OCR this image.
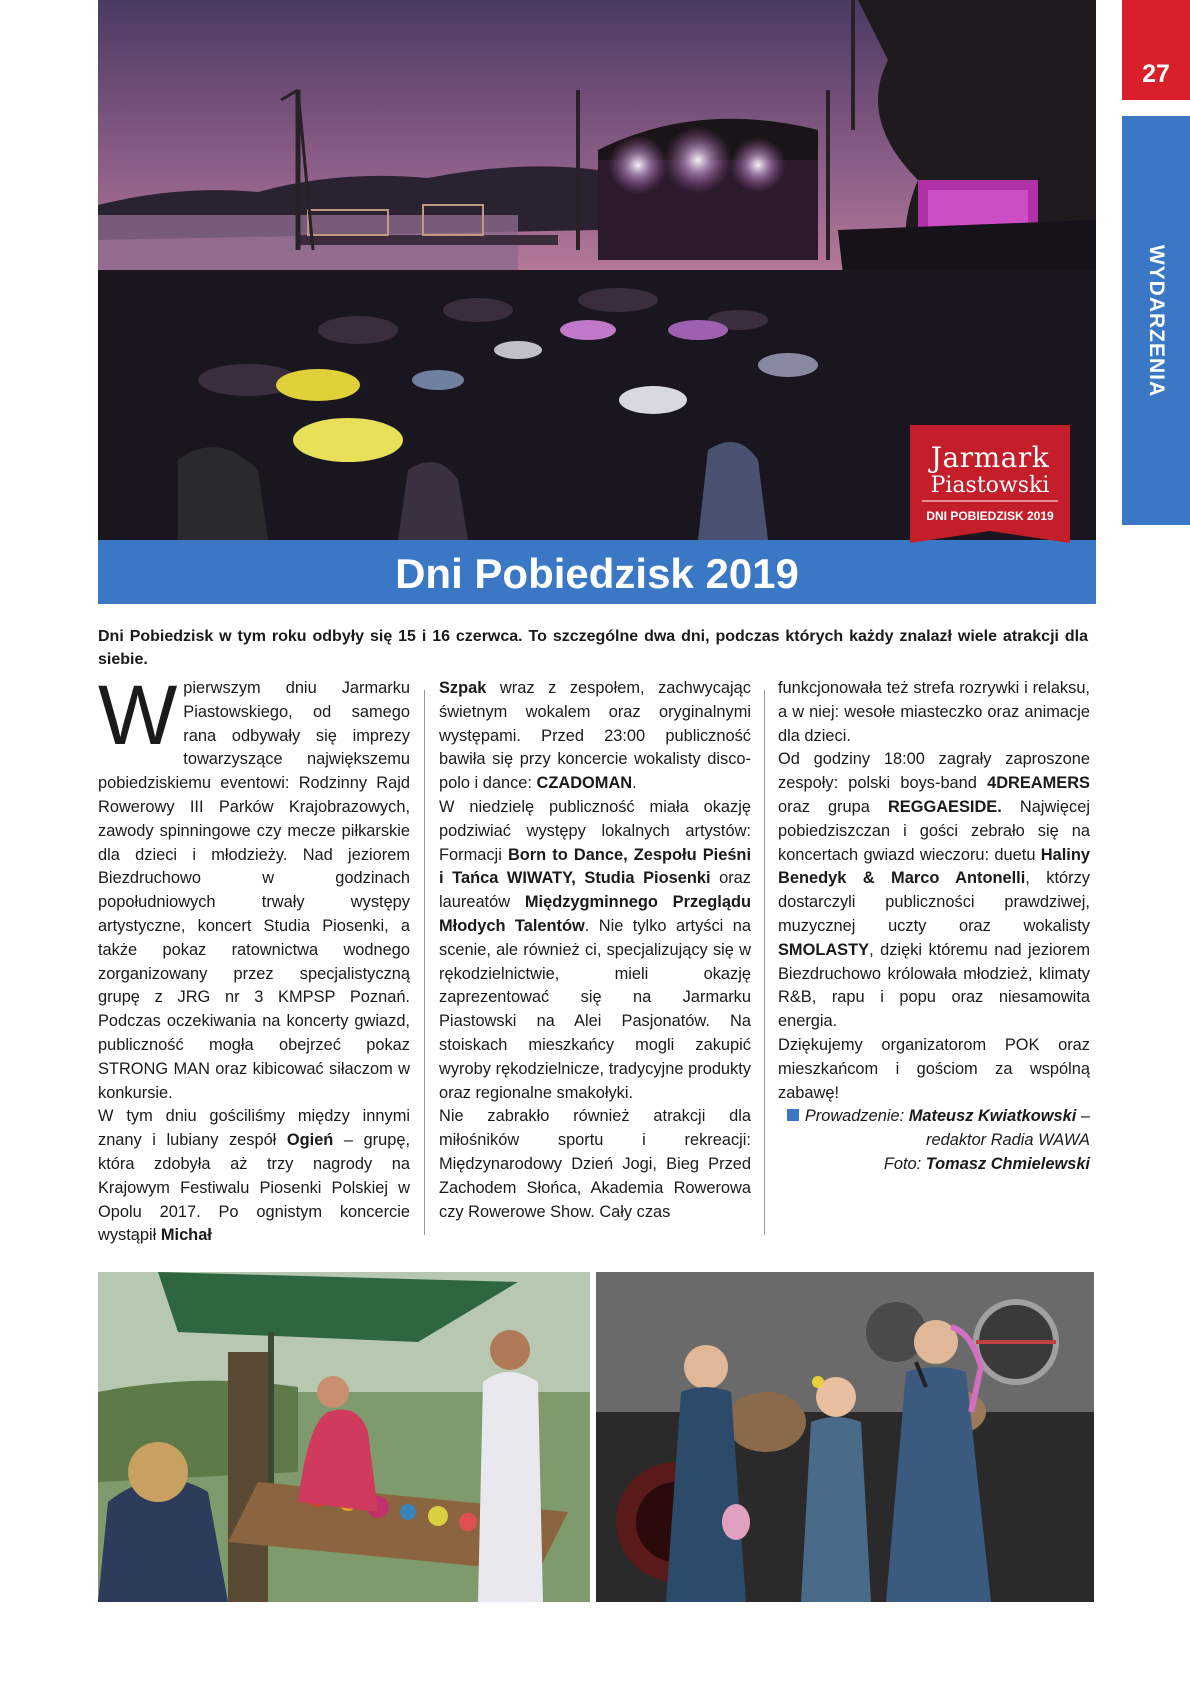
27
WYDARZENIA
Dni Pobiedzisk 2019
Jarmark
Piastowski
DNI POBIEDZISK 2019
Dni Pobiedzisk w tym roku odbyły się 15 i 16 czerwca. To szczególne dwa dni, podczas których każdy znalazł wiele atrakcji dla siebie.

Wpierwszym dniu Jarmarku Piastowskiego, od samego rana odbywały się imprezy towarzyszące największemu pobiedziskiemu eventowi: Rodzinny Rajd Rowerowy III Parków Krajobrazowych, zawody spinningowe czy mecze piłkarskie dla dzieci i młodzieży. Nad jeziorem Biezdruchowo w godzinach popołudniowych trwały występy artystyczne, koncert Studia Piosenki, a także pokaz ratownictwa wodnego zorganizowany przez specjalistyczną grupę z JRG nr 3 KMPSP Poznań. Podczas oczekiwania na koncerty gwiazd, publiczność mogła obejrzeć pokaz STRONG MAN oraz kibicować siłaczom w konkursie.

W tym dniu gościliśmy między innymi znany i lubiany zespół Ogień – grupę, która zdobyła aż trzy nagrody na Krajowym Festiwalu Piosenki Polskiej w Opolu 2017. Po ognistym koncercie wystąpił Michał

Szpak wraz z zespołem, zachwycając świetnym wokalem oraz oryginalnymi występami. Przed 23:00 publiczność bawiła się przy koncercie wokalisty disco-polo i dance: CZADOMAN.

W niedzielę publiczność miała okazję podziwiać występy lokalnych artystów: Formacji Born to Dance, Zespołu Pieśni i Tańca WIWATY, Studia Piosenki oraz laureatów Międzygminnego Przeglądu Młodych Talentów. Nie tylko artyści na scenie, ale również ci, specjalizujący się w rękodzielnictwie, mieli okazję zaprezentować się na Jarmarku Piastowski na Alei Pasjonatów. Na stoiskach mieszkańcy mogli zakupić wyroby rękodzielnicze, tradycyjne produkty oraz regionalne smakołyki.

Nie zabrakło również atrakcji dla miłośników sportu i rekreacji: Międzynarodowy Dzień Jogi, Bieg Przed Zachodem Słońca, Akademia Rowerowa czy Rowerowe Show. Cały czas

funkcjonowała też strefa rozrywki i relaksu, a w niej: wesołe miasteczko oraz animacje dla dzieci.

Od godziny 18:00 zagrały zaproszone zespoły: polski boys-band 4DREAMERS oraz grupa REGGAESIDE. Najwięcej pobiedziszczan i gości zebrało się na koncertach gwiazd wieczoru: duetu Haliny Benedyk & Marco Antonelli, którzy dostarczyli publiczności prawdziwej, muzycznej uczty oraz wokalisty SMOLASTY, dzięki któremu nad jeziorem Biezdruchowo królowała młodzież, klimaty R&B, rapu i popu oraz niesamowita energia.

Dziękujemy organizatorom POK oraz mieszkańcom i gościom za wspólną zabawę!

Prowadzenie: Mateusz Kwiatkowski –
redaktor Radia WAWA
Foto: Tomasz Chmielewski
